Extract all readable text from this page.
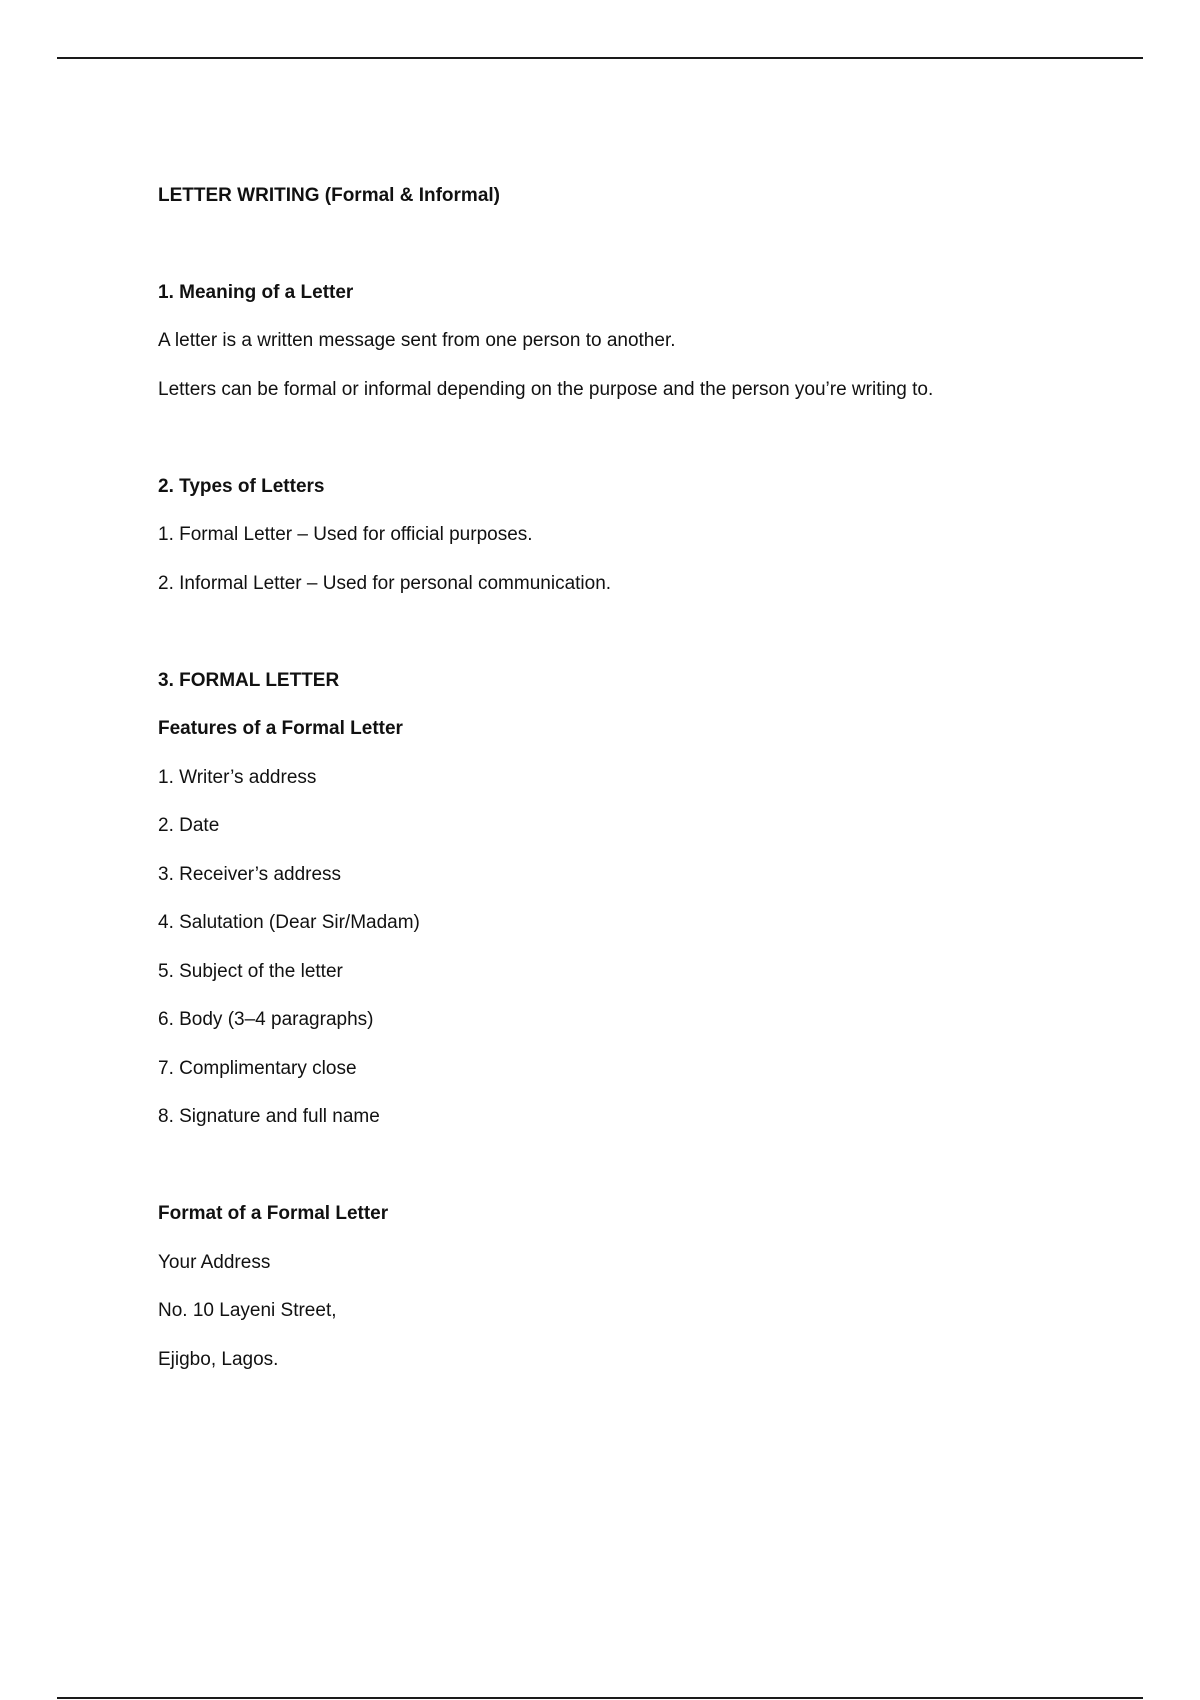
LETTER WRITING (Formal & Informal)
1. Meaning of a Letter

A letter is a written message sent from one person to another.

Letters can be formal or informal depending on the purpose and the person you’re writing to.

2. Types of Letters

1. Formal Letter – Used for official purposes.

2. Informal Letter – Used for personal communication.

3. FORMAL LETTER
Features of a Formal Letter

1. Writer’s address

2. Date

3. Receiver’s address

4. Salutation (Dear Sir/Madam)

5. Subject of the letter

6. Body (3–4 paragraphs)

7. Complimentary close

8. Signature and full name

Format of a Formal Letter

Your Address

No. 10 Layeni Street,

Ejigbo, Lagos.
